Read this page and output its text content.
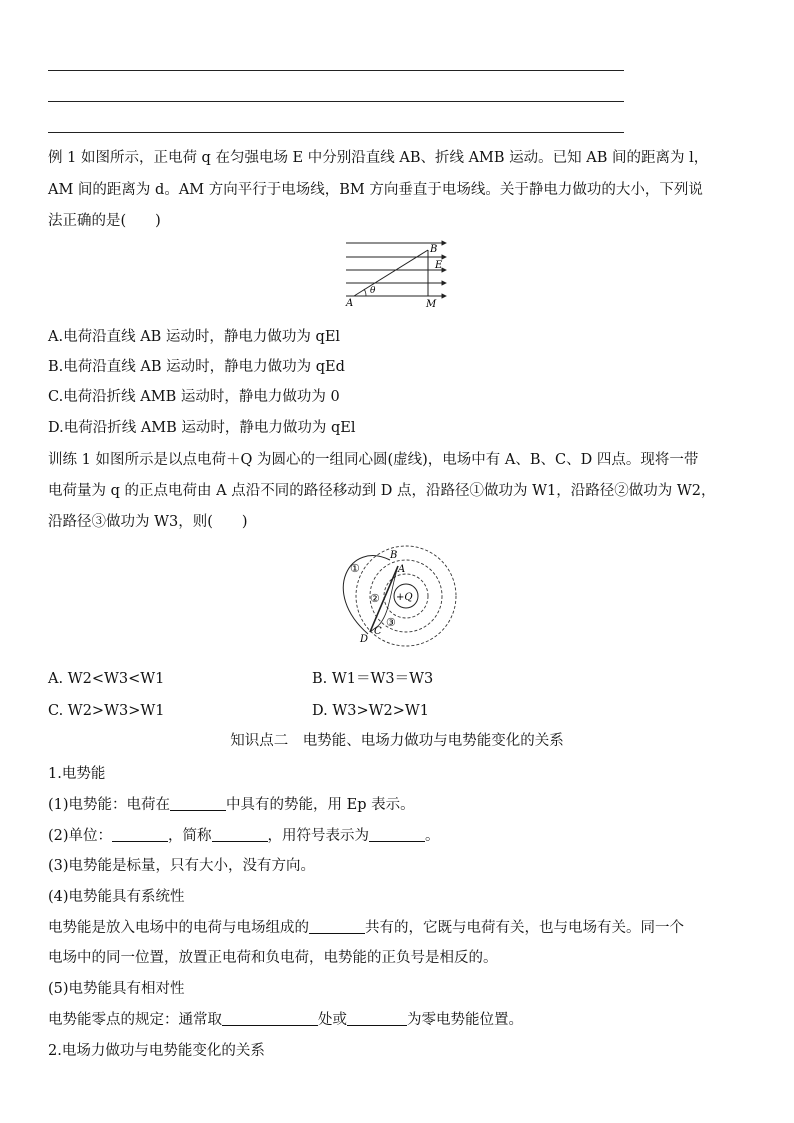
例 1 如图所示，正电荷 q 在匀强电场 E 中分别沿直线 AB、折线 AMB 运动。已知 AB 间的距离为 l，
AM 间的距离为 d。AM 方向平行于电场线，BM 方向垂直于电场线。关于静电力做功的大小，下列说
法正确的是(　　)
B
E
θ
A	M
A.电荷沿直线 AB 运动时，静电力做功为 qEl
B.电荷沿直线 AB 运动时，静电力做功为 qEd
C.电荷沿折线 AMB 运动时，静电力做功为 0
D.电荷沿折线 AMB 运动时，静电力做功为 qEl
训练 1 如图所示是以点电荷＋Q 为圆心的一组同心圆(虚线)，电场中有 A、B、C、D 四点。现将一带
电荷量为 q 的正点电荷由 A 点沿不同的路径移动到 D 点，沿路径①做功为 W1，沿路径②做功为 W2，
沿路径③做功为 W3，则(　　)
①
②
③
+Q
B
A
C
D
A. W2<W3<W1	B. W1＝W3＝W3
C. W2>W3>W1	D. W3>W2>W1
知识点二　电势能、电场力做功与电势能变化的关系
1.电势能
(1)电势能：电荷在	中具有的势能，用 Ep 表示。
(2)单位：	，简称	，用符号表示为	。
(3)电势能是标量，只有大小，没有方向。
(4)电势能具有系统性
电势能是放入电场中的电荷与电场组成的	共有的，它既与电荷有关，也与电场有关。同一个
电场中的同一位置，放置正电荷和负电荷，电势能的正负号是相反的。
(5)电势能具有相对性
电势能零点的规定：通常取	处或	为零电势能位置。
2.电场力做功与电势能变化的关系
